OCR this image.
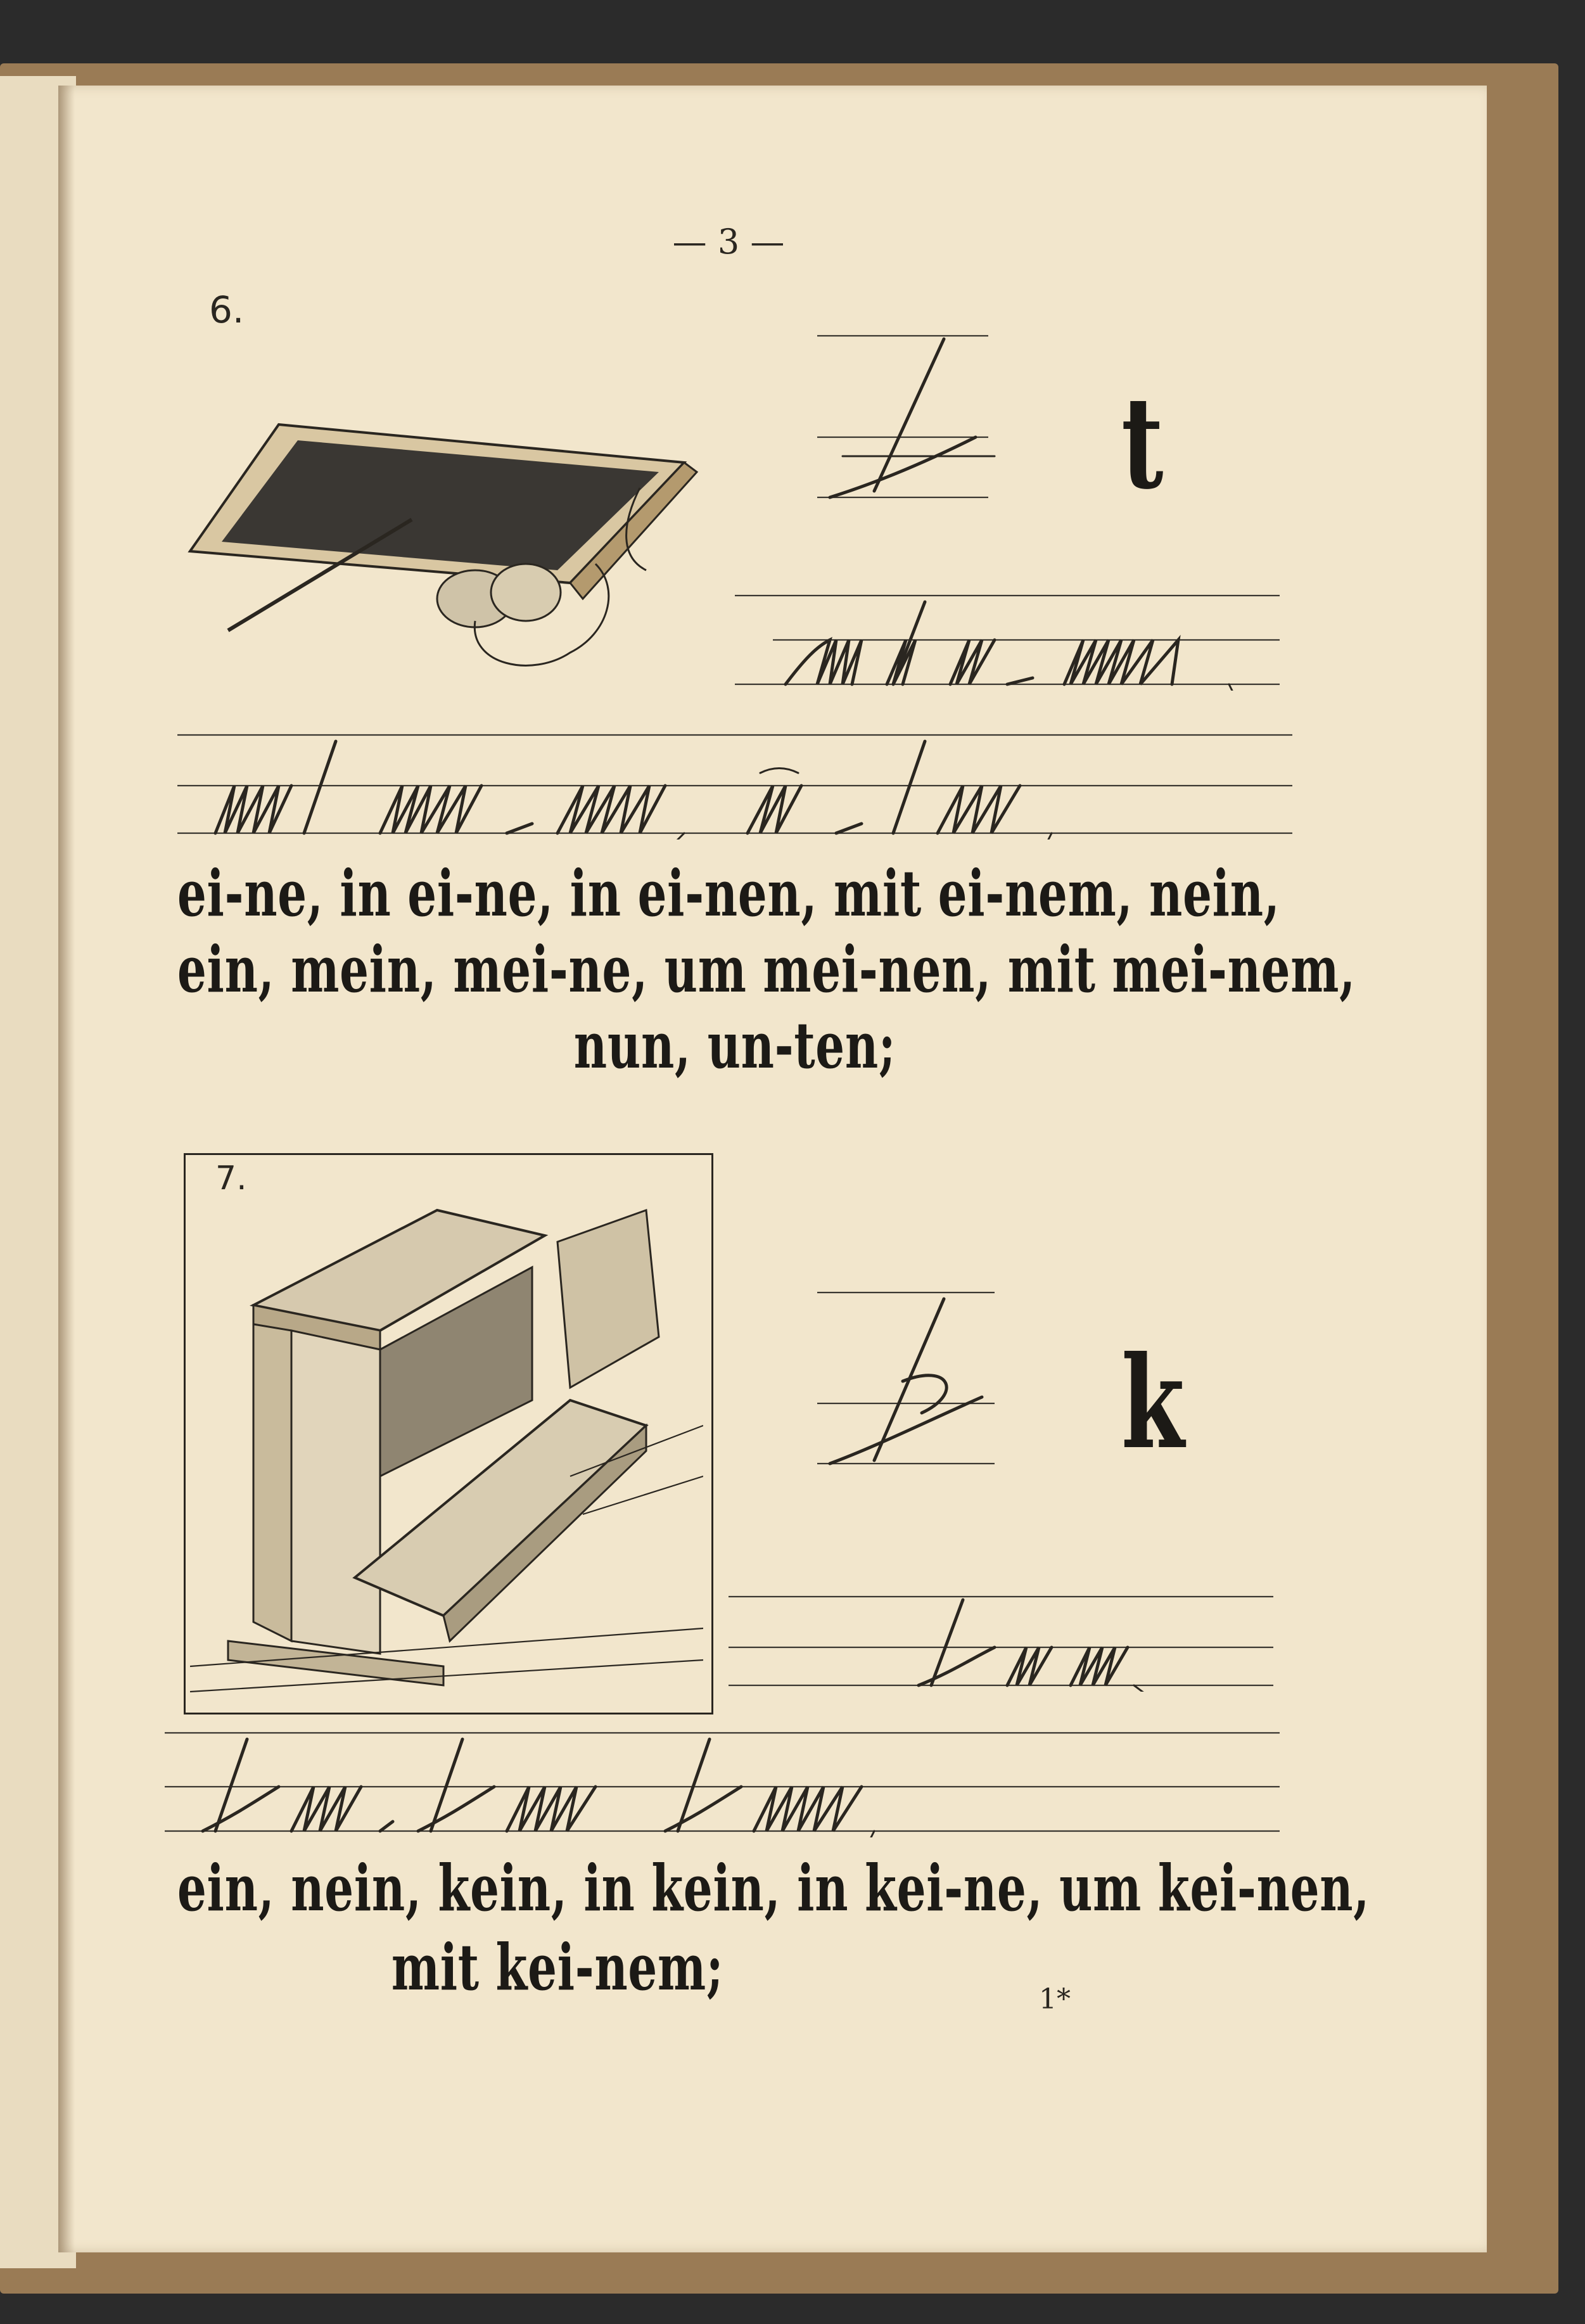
— 3 —
6.
t
ei-ne, in ei-ne, in ei-nen, mit ei-nem, nein,
ein, mein, mei-ne, um mei-nen, mit mei-nem,
nun, un-ten;
7.
k
ein, nein, kein, in kein, in kei-ne, um kei-nen,
mit kei-nem;	1*
